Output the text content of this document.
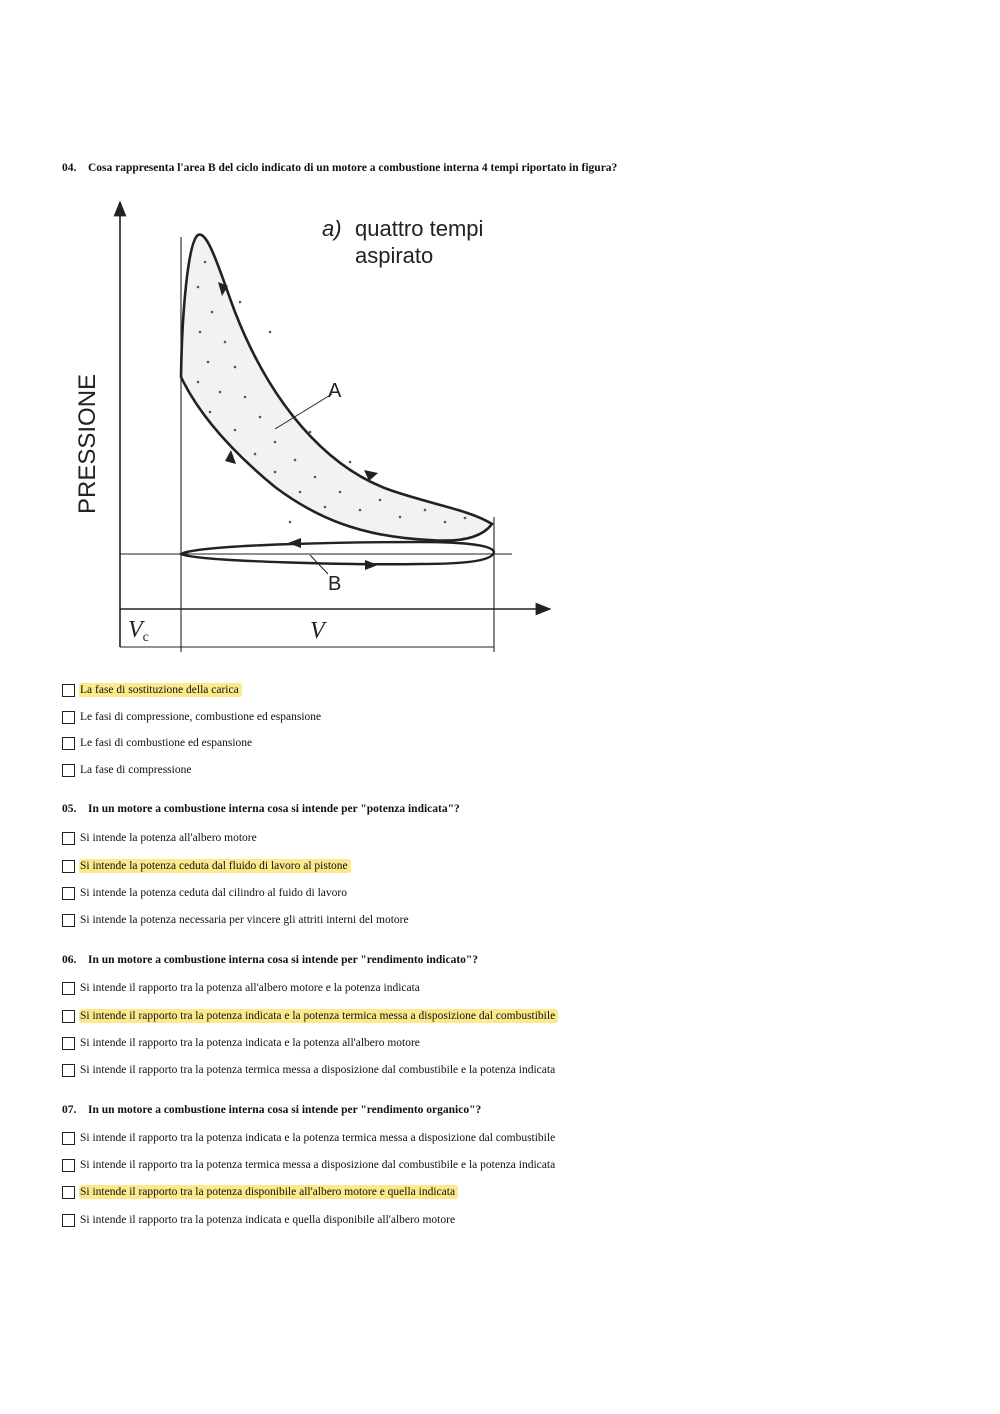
04. Cosa rappresenta l'area B del ciclo indicato di un motore a combustione interna 4 tempi riportato in figura?
a) quattro tempi
aspirato
PRESSIONE	A
B
Vc	V
La fase di sostituzione della carica
Le fasi di compressione, combustione ed espansione
Le fasi di combustione ed espansione
La fase di compressione
05. In un motore a combustione interna cosa si intende per "potenza indicata"?
Si intende la potenza all'albero motore
Si intende la potenza ceduta dal fluido di lavoro al pistone
Si intende la potenza ceduta dal cilindro al fuido di lavoro
Si intende la potenza necessaria per vincere gli attriti interni del motore
06. In un motore a combustione interna cosa si intende per "rendimento indicato"?
Si intende il rapporto tra la potenza all'albero motore e la potenza indicata
Si intende il rapporto tra la potenza indicata e la potenza termica messa a disposizione dal combustibile
Si intende il rapporto tra la potenza indicata e la potenza all'albero motore
Si intende il rapporto tra la potenza termica messa a disposizione dal combustibile e la potenza indicata
07. In un motore a combustione interna cosa si intende per "rendimento organico"?
Si intende il rapporto tra la potenza indicata e la potenza termica messa a disposizione dal combustibile
Si intende il rapporto tra la potenza termica messa a disposizione dal combustibile e la potenza indicata
Si intende il rapporto tra la potenza disponibile all'albero motore e quella indicata
Si intende il rapporto tra la potenza indicata e quella disponibile all'albero motore
